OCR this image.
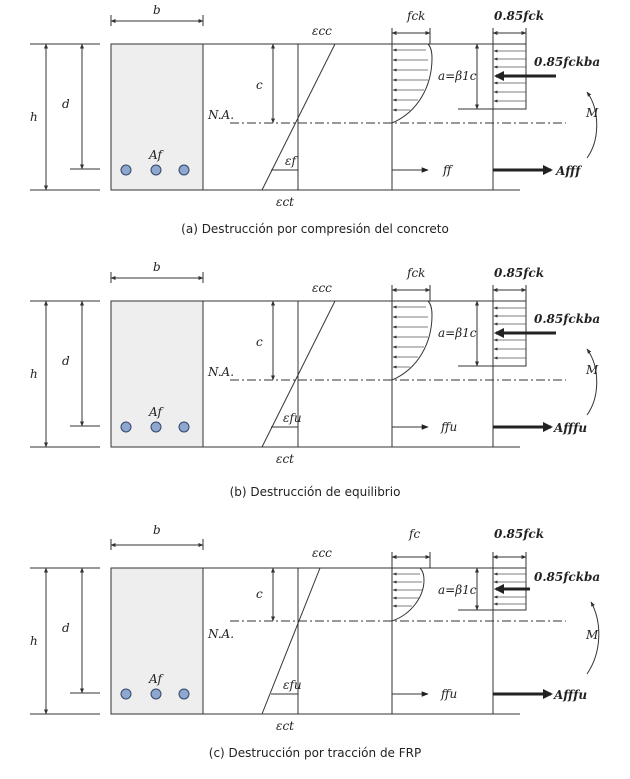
h
d
b
Af
c
N.A.
εcc
εf
εct
fck
ff
a=β1c
0.85fck
0.85fckba
Afff
M
(a) Destrucción por compresión del concreto
h
d
b
Af
c
N.A.
εcc
εfu
εct
fck
ffu
a=β1c
0.85fck
0.85fckba
Afffu
M
(b) Destrucción de equilibrio
h
d
b
Af
c
N.A.
εcc
εfu
εct
fc
ffu
a=β1c
0.85fck
0.85fckba
Afffu
M
(c) Destrucción por tracción de FRP
